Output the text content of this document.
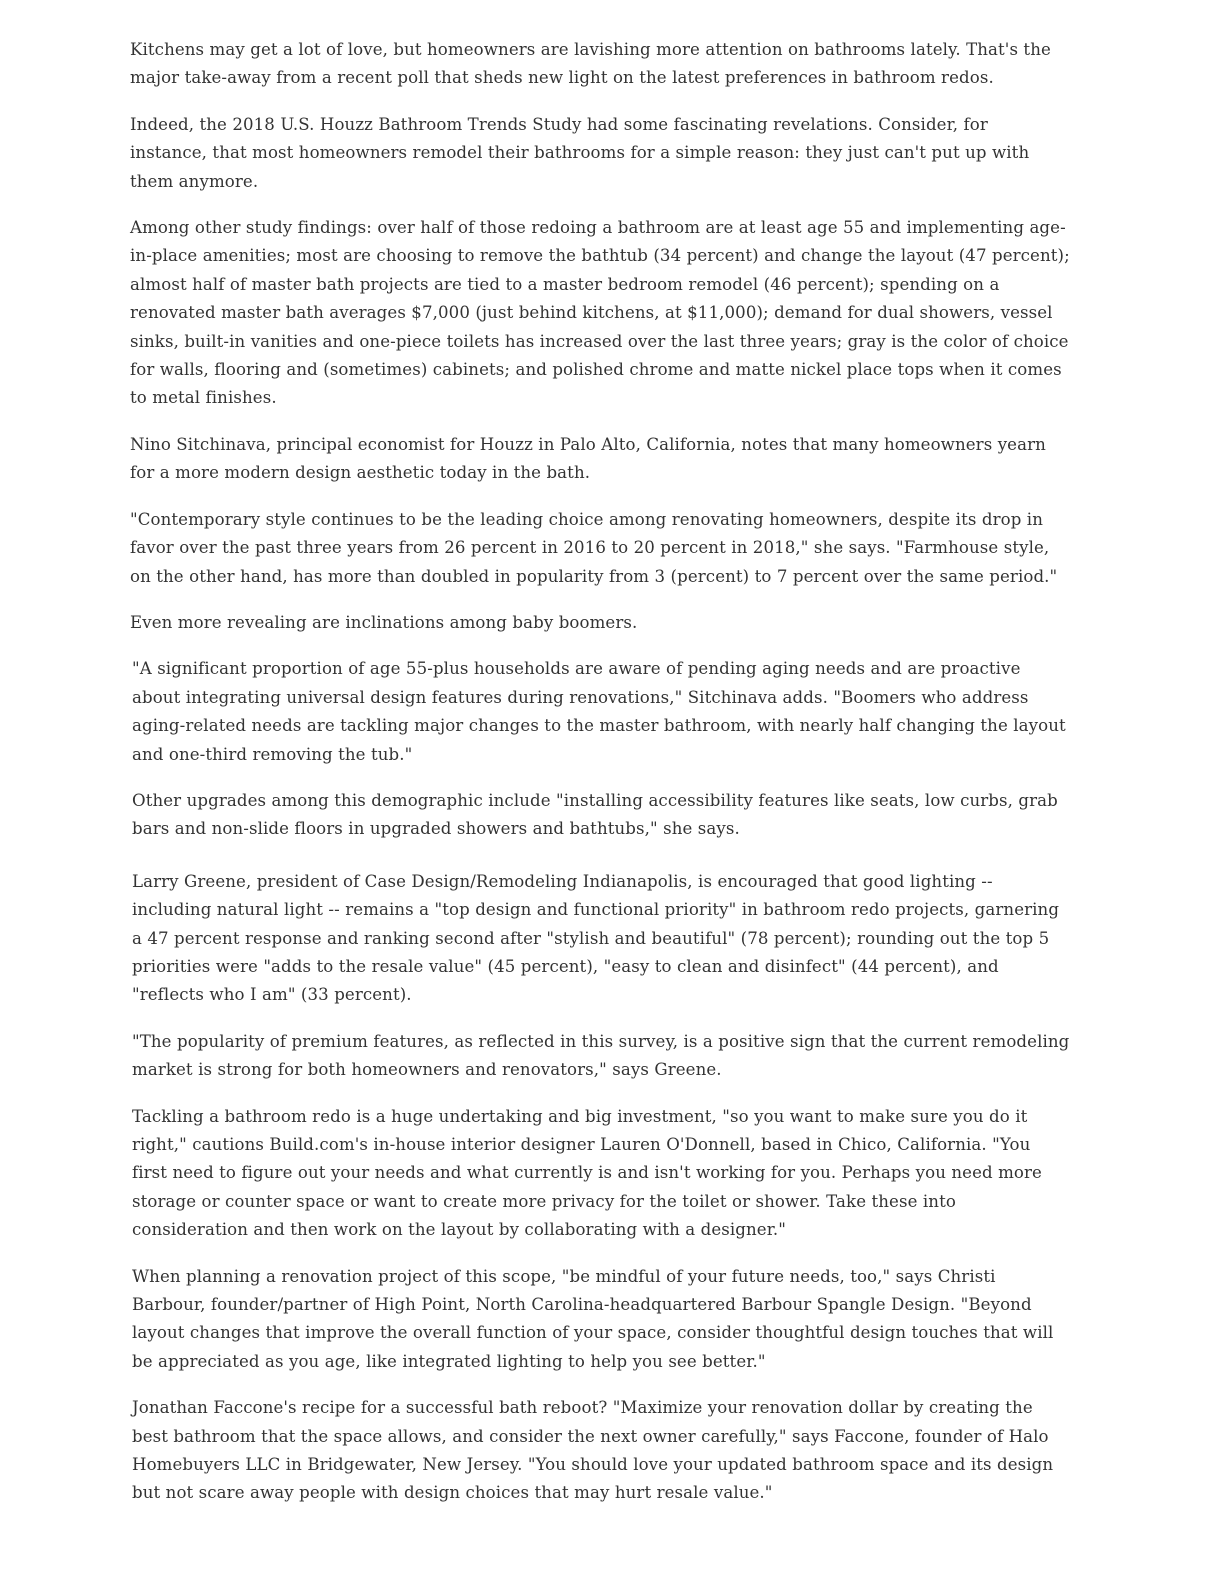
Kitchens may get a lot of love, but homeowners are lavishing more attention on bathrooms lately. That's the major take-away from a recent poll that sheds new light on the latest preferences in bathroom redos.

Indeed, the 2018 U.S. Houzz Bathroom Trends Study had some fascinating revelations. Consider, for instance, that most homeowners remodel their bathrooms for a simple reason: they just can't put up with them anymore.

Among other study findings: over half of those redoing a bathroom are at least age 55 and implementing age-in-place amenities; most are choosing to remove the bathtub (34 percent) and change the layout (47 percent); almost half of master bath projects are tied to a master bedroom remodel (46 percent); spending on a renovated master bath averages $7,000 (just behind kitchens, at $11,000); demand for dual showers, vessel sinks, built-in vanities and one-piece toilets has increased over the last three years; gray is the color of choice for walls, flooring and (sometimes) cabinets; and polished chrome and matte nickel place tops when it comes to metal finishes.

Nino Sitchinava, principal economist for Houzz in Palo Alto, California, notes that many homeowners yearn for a more modern design aesthetic today in the bath.

"Contemporary style continues to be the leading choice among renovating homeowners, despite its drop in favor over the past three years from 26 percent in 2016 to 20 percent in 2018," she says. "Farmhouse style, on the other hand, has more than doubled in popularity from 3 (percent) to 7 percent over the same period."

Even more revealing are inclinations among baby boomers.

"A significant proportion of age 55-plus households are aware of pending aging needs and are proactive about integrating universal design features during renovations," Sitchinava adds. "Boomers who address aging-related needs are tackling major changes to the master bathroom, with nearly half changing the layout and one-third removing the tub."

Other upgrades among this demographic include "installing accessibility features like seats, low curbs, grab bars and non-slide floors in upgraded showers and bathtubs," she says.

Larry Greene, president of Case Design/Remodeling Indianapolis, is encouraged that good lighting -- including natural light -- remains a "top design and functional priority" in bathroom redo projects, garnering a 47 percent response and ranking second after "stylish and beautiful" (78 percent); rounding out the top 5 priorities were "adds to the resale value" (45 percent), "easy to clean and disinfect" (44 percent), and "reflects who I am" (33 percent).

"The popularity of premium features, as reflected in this survey, is a positive sign that the current remodeling market is strong for both homeowners and renovators," says Greene.

Tackling a bathroom redo is a huge undertaking and big investment, "so you want to make sure you do it right," cautions Build.com's in-house interior designer Lauren O'Donnell, based in Chico, California. "You first need to figure out your needs and what currently is and isn't working for you. Perhaps you need more storage or counter space or want to create more privacy for the toilet or shower. Take these into consideration and then work on the layout by collaborating with a designer."

When planning a renovation project of this scope, "be mindful of your future needs, too," says Christi Barbour, founder/partner of High Point, North Carolina-headquartered Barbour Spangle Design. "Beyond layout changes that improve the overall function of your space, consider thoughtful design touches that will be appreciated as you age, like integrated lighting to help you see better."

Jonathan Faccone's recipe for a successful bath reboot? "Maximize your renovation dollar by creating the best bathroom that the space allows, and consider the next owner carefully," says Faccone, founder of Halo Homebuyers LLC in Bridgewater, New Jersey. "You should love your updated bathroom space and its design but not scare away people with design choices that may hurt resale value."
